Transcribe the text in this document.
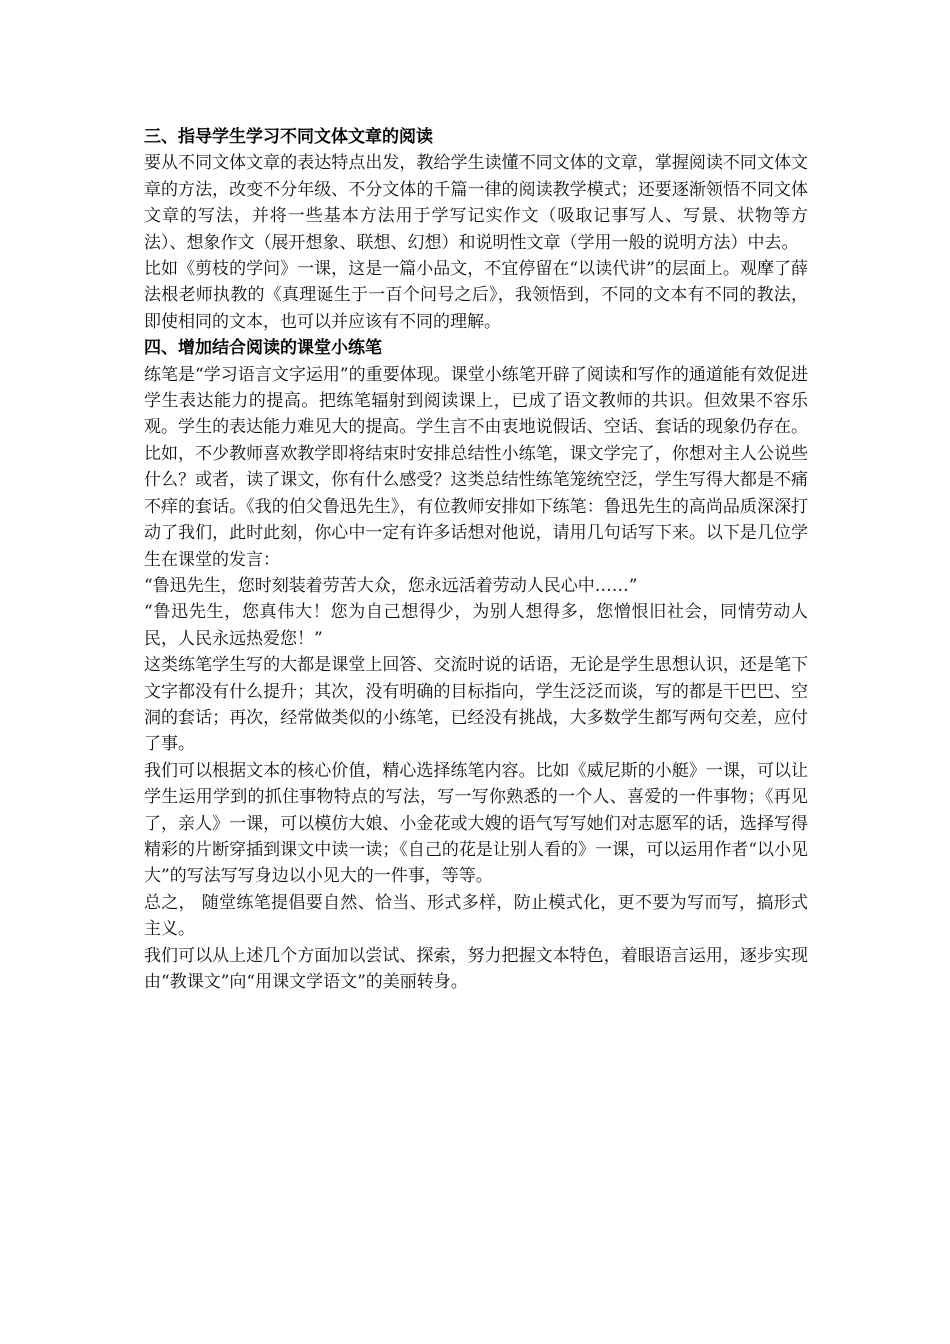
三、指导学生学习不同文体文章的阅读

要从不同文体文章的表达特点出发，教给学生读懂不同文体的文章，掌握阅读不同文体文章的方法，改变不分年级、不分文体的千篇一律的阅读教学模式；还要逐渐领悟不同文体文章的写法，并将一些基本方法用于学写记实作文（吸取记事写人、写景、状物等方法）、想象作文（展开想象、联想、幻想）和说明性文章（学用一般的说明方法）中去。

比如《剪枝的学问》一课，这是一篇小品文，不宜停留在“以读代讲”的层面上。观摩了薛法根老师执教的《真理诞生于一百个问号之后》，我领悟到，不同的文本有不同的教法，即使相同的文本，也可以并应该有不同的理解。

四、增加结合阅读的课堂小练笔

练笔是“学习语言文字运用”的重要体现。课堂小练笔开辟了阅读和写作的通道能有效促进学生表达能力的提高。把练笔辐射到阅读课上，已成了语文教师的共识。但效果不容乐观。学生的表达能力难见大的提高。学生言不由衷地说假话、空话、套话的现象仍存在。比如，不少教师喜欢教学即将结束时安排总结性小练笔，课文学完了，你想对主人公说些什么？或者，读了课文，你有什么感受？这类总结性练笔笼统空泛，学生写得大都是不痛不痒的套话。《我的伯父鲁迅先生》，有位教师安排如下练笔：鲁迅先生的高尚品质深深打动了我们，此时此刻，你心中一定有许多话想对他说，请用几句话写下来。以下是几位学生在课堂的发言：

“鲁迅先生，您时刻装着劳苦大众，您永远活着劳动人民心中……”

“鲁迅先生，您真伟大！您为自己想得少，为别人想得多，您憎恨旧社会，同情劳动人民，人民永远热爱您！”

这类练笔学生写的大都是课堂上回答、交流时说的话语，无论是学生思想认识，还是笔下文字都没有什么提升；其次，没有明确的目标指向，学生泛泛而谈，写的都是干巴巴、空洞的套话；再次，经常做类似的小练笔，已经没有挑战，大多数学生都写两句交差，应付了事。

我们可以根据文本的核心价值，精心选择练笔内容。比如《威尼斯的小艇》一课，可以让学生运用学到的抓住事物特点的写法，写一写你熟悉的一个人、喜爱的一件事物；《再见了，亲人》一课，可以模仿大娘、小金花或大嫂的语气写写她们对志愿军的话，选择写得精彩的片断穿插到课文中读一读；《自己的花是让别人看的》一课，可以运用作者“以小见大”的写法写写身边以小见大的一件事，等等。

总之， 随堂练笔提倡要自然、恰当、形式多样，防止模式化，更不要为写而写，搞形式主义。

我们可以从上述几个方面加以尝试、探索，努力把握文本特色，着眼语言运用，逐步实现由“教课文”向“用课文学语文”的美丽转身。
